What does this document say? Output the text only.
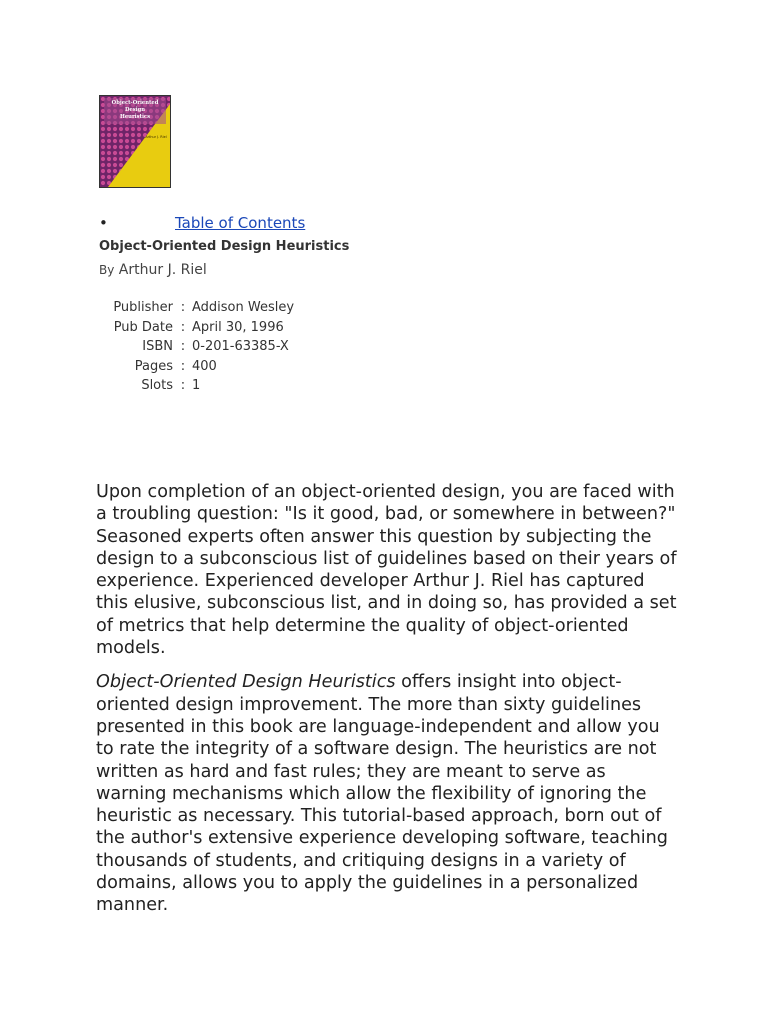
Object-Oriented
Design
Heuristics
Arthur J. Riel
•	Table of Contents
Object-Oriented Design Heuristics
By Arthur J. Riel
Publisher	:	Addison Wesley
Pub Date	:	April 30, 1996
ISBN	:	0-201-63385-X
Pages	:	400
Slots	:	1

Upon completion of an object-oriented design, you are faced with a troubling question: "Is it good, bad, or somewhere in between?" Seasoned experts often answer this question by subjecting the design to a subconscious list of guidelines based on their years of experience. Experienced developer Arthur J. Riel has captured this elusive, subconscious list, and in doing so, has provided a set of metrics that help determine the quality of object-oriented models.

Object-Oriented Design Heuristics offers insight into object-oriented design improvement. The more than sixty guidelines presented in this book are language-independent and allow you to rate the integrity of a software design. The heuristics are not written as hard and fast rules; they are meant to serve as warning mechanisms which allow the flexibility of ignoring the heuristic as necessary. This tutorial-based approach, born out of the author's extensive experience developing software, teaching thousands of students, and critiquing designs in a variety of domains, allows you to apply the guidelines in a personalized manner.
